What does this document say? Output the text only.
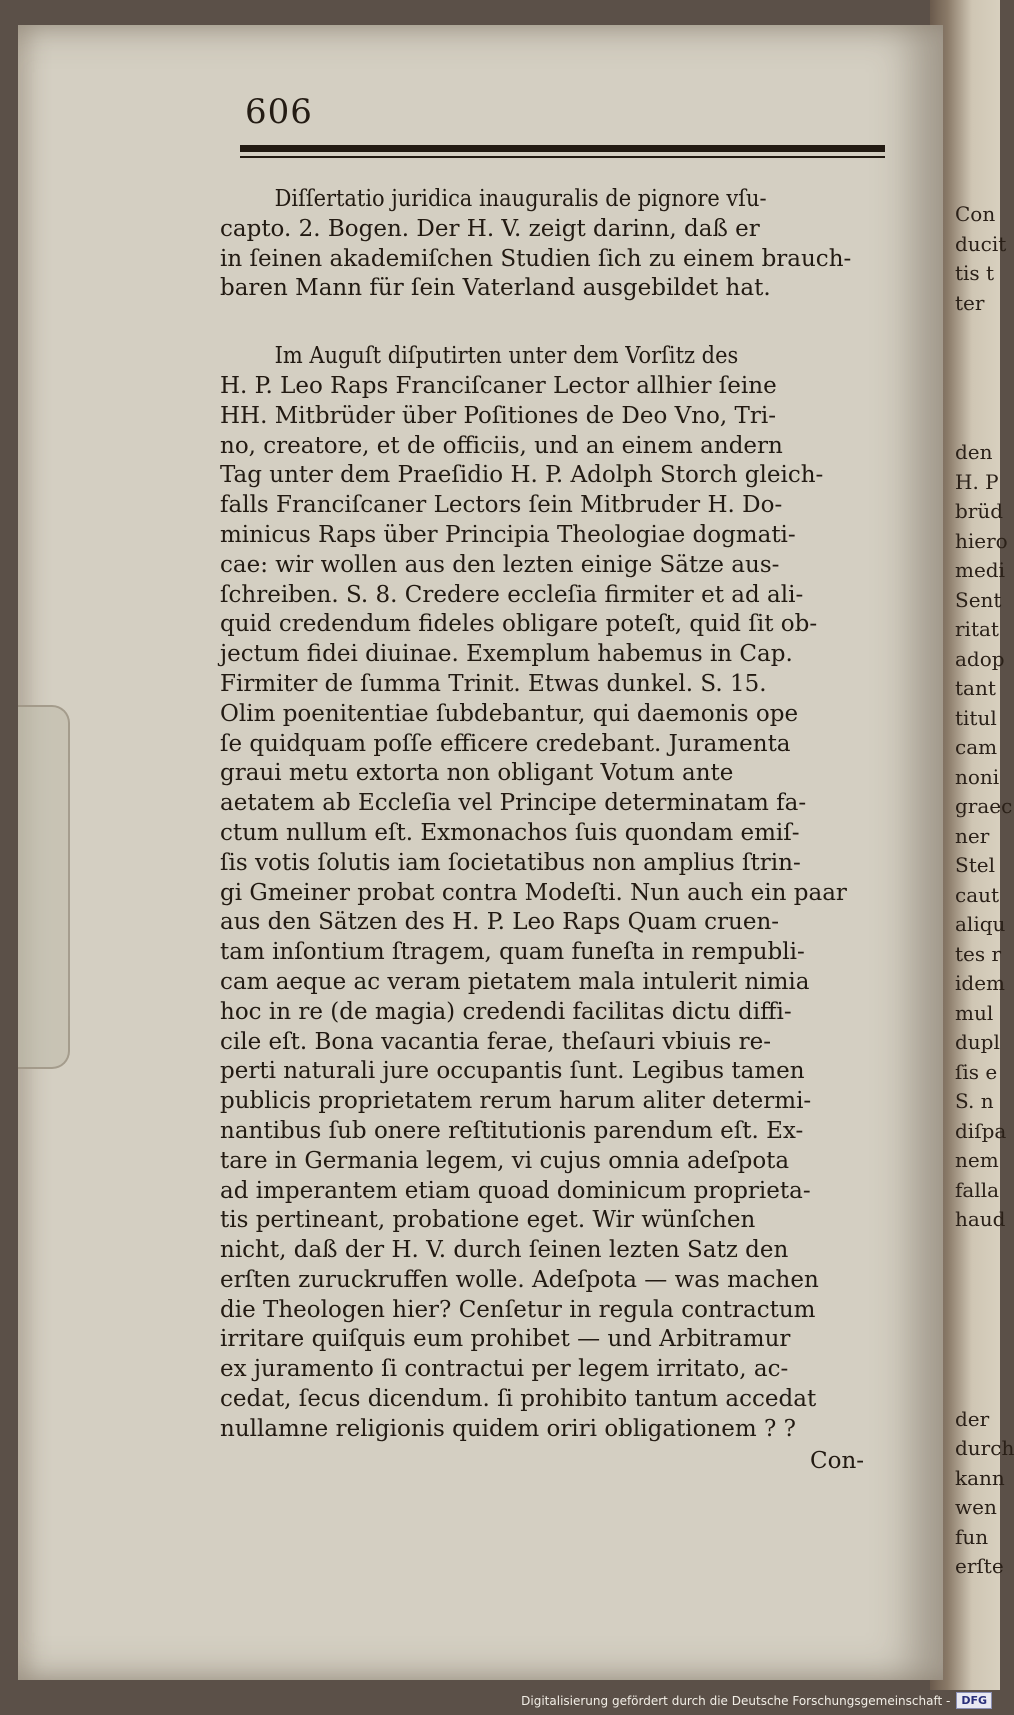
606
Diſſertatio juridica inauguralis de pignore vſu-
capto. 2. Bogen. Der H. V. zeigt darinn, daß er
in ſeinen akademiſchen Studien ſich zu einem brauch-
baren Mann für ſein Vaterland ausgebildet hat.
Im Auguſt diſputirten unter dem Vorſitz des
H. P. Leo Raps Franciſcaner Lector allhier ſeine
HH. Mitbrüder über Poſitiones de Deo Vno, Tri-
no, creatore, et de officiis, und an einem andern
Tag unter dem Praeſidio H. P. Adolph Storch gleich-
falls Franciſcaner Lectors ſein Mitbruder H. Do-
minicus Raps über Principia Theologiae dogmati-
cae: wir wollen aus den lezten einige Sätze aus-
ſchreiben. S. 8. Credere eccleſia firmiter et ad ali-
quid credendum fideles obligare poteſt, quid ſit ob-
jectum fidei diuinae. Exemplum habemus in Cap.
Firmiter de ſumma Trinit. Etwas dunkel. S. 15.
Olim poenitentiae ſubdebantur, qui daemonis ope
ſe quidquam poſſe efficere credebant. Juramenta
graui metu extorta non obligant Votum ante
aetatem ab Eccleſia vel Principe determinatam fa-
ctum nullum eſt. Exmonachos ſuis quondam emiſ-
ſis votis ſolutis iam ſocietatibus non amplius ſtrin-
gi Gmeiner probat contra Modeſti. Nun auch ein paar
aus den Sätzen des H. P. Leo Raps Quam cruen-
tam inſontium ſtragem, quam funeſta in rempubli-
cam aeque ac veram pietatem mala intulerit nimia
hoc in re (de magia) credendi facilitas dictu diffi-
cile eſt. Bona vacantia ferae, theſauri vbiuis re-
perti naturali jure occupantis ſunt. Legibus tamen
publicis proprietatem rerum harum aliter determi-
nantibus ſub onere reſtitutionis parendum eſt. Ex-
tare in Germania legem, vi cujus omnia adeſpota
ad imperantem etiam quoad dominicum proprieta-
tis pertineant, probatione eget. Wir wünſchen
nicht, daß der H. V. durch ſeinen lezten Satz den
erſten zuruckruffen wolle. Adeſpota — was machen
die Theologen hier? Cenſetur in regula contractum
irritare quiſquis eum prohibet — und Arbitramur
ex juramento ſi contractui per legem irritato, ac-
cedat, ſecus dicendum. ſi prohibito tantum accedat
nullamne religionis quidem oriri obligationem ? ?
Con-
Con
ducit
tis t
ter
den
H. P
brüd
hiero
medi
Sent
ritat
adop
tant
titul
cam
noni
graec
ner
Stel
caut
aliqu
tes r
idem
mul
dupl
ſis e
S. n
diſpa
nem
falla
haud
der
durch
kann
wen
fun
erſte
Digitalisierung gefördert durch die Deutsche Forschungsgemeinschaft -	DFG
